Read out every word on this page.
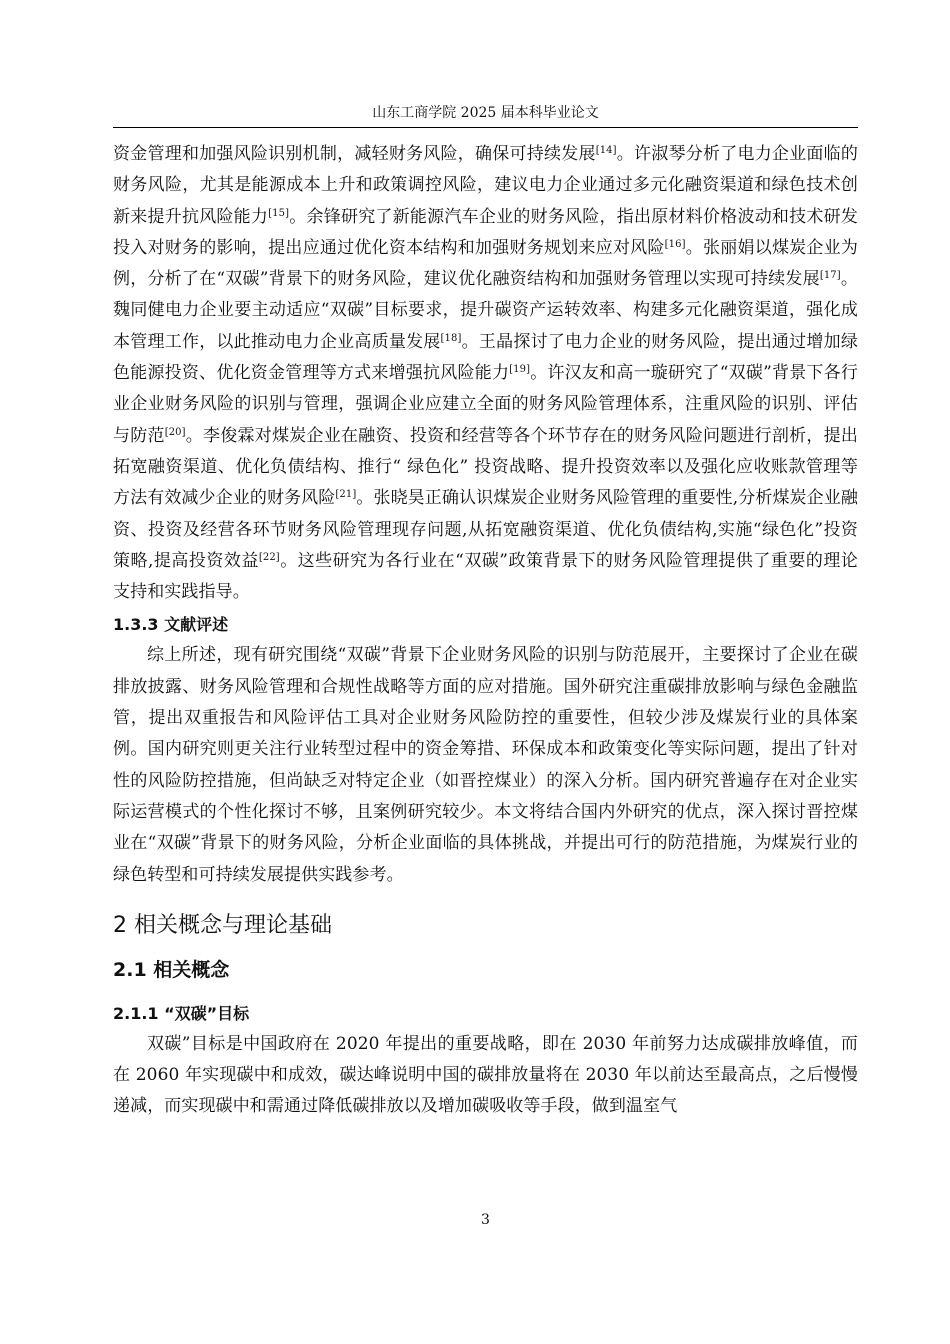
山东工商学院 2025 届本科毕业论文

资金管理和加强风险识别机制，减轻财务风险，确保可持续发展[14]。许淑琴分析了电力企业面临的财务风险，尤其是能源成本上升和政策调控风险，建议电力企业通过多元化融资渠道和绿色技术创新来提升抗风险能力[15]。余锋研究了新能源汽车企业的财务风险，指出原材料价格波动和技术研发投入对财务的影响，提出应通过优化资本结构和加强财务规划来应对风险[16]。张丽娟以煤炭企业为例，分析了在“双碳”背景下的财务风险，建议优化融资结构和加强财务管理以实现可持续发展[17]。魏同健电力企业要主动适应“双碳”目标要求，提升碳资产运转效率、构建多元化融资渠道，强化成本管理工作，以此推动电力企业高质量发展[18]。王晶探讨了电力企业的财务风险，提出通过增加绿色能源投资、优化资金管理等方式来增强抗风险能力[19]。许汉友和高一璇研究了“双碳”背景下各行业企业财务风险的识别与管理，强调企业应建立全面的财务风险管理体系，注重风险的识别、评估与防范[20]。李俊霖对煤炭企业在融资、投资和经营等各个环节存在的财务风险问题进行剖析，提出拓宽融资渠道、优化负债结构、推行“ 绿色化” 投资战略、提升投资效率以及强化应收账款管理等方法有效减少企业的财务风险[21]。张晓昊正确认识煤炭企业财务风险管理的重要性,分析煤炭企业融资、投资及经营各环节财务风险管理现存问题,从拓宽融资渠道、优化负债结构,实施“绿色化”投资策略,提高投资效益[22]。这些研究为各行业在“双碳”政策背景下的财务风险管理提供了重要的理论支持和实践指导。

1.3.3 文献评述

综上所述，现有研究围绕“双碳”背景下企业财务风险的识别与防范展开，主要探讨了企业在碳排放披露、财务风险管理和合规性战略等方面的应对措施。国外研究注重碳排放影响与绿色金融监管，提出双重报告和风险评估工具对企业财务风险防控的重要性，但较少涉及煤炭行业的具体案例。国内研究则更关注行业转型过程中的资金筹措、环保成本和政策变化等实际问题，提出了针对性的风险防控措施，但尚缺乏对特定企业（如晋控煤业）的深入分析。国内研究普遍存在对企业实际运营模式的个性化探讨不够，且案例研究较少。本文将结合国内外研究的优点，深入探讨晋控煤业在“双碳”背景下的财务风险，分析企业面临的具体挑战，并提出可行的防范措施，为煤炭行业的绿色转型和可持续发展提供实践参考。

2 相关概念与理论基础
2.1 相关概念
2.1.1 “双碳”目标

双碳”目标是中国政府在 2020 年提出的重要战略，即在 2030 年前努力达成碳排放峰值，而在 2060 年实现碳中和成效，碳达峰说明中国的碳排放量将在 2030 年以前达至最高点，之后慢慢递减，而实现碳中和需通过降低碳排放以及增加碳吸收等手段，做到温室气

3
